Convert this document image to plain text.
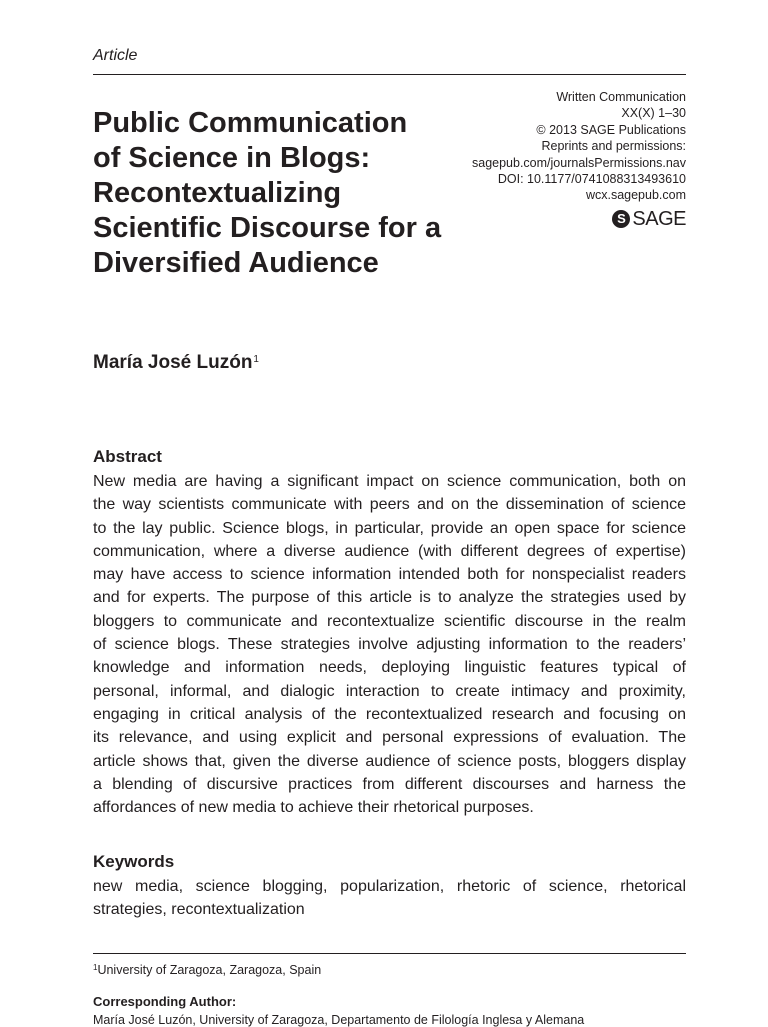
Article
Public Communication
of Science in Blogs:
Recontextualizing
Scientific Discourse for a
Diversified Audience
Written Communication
XX(X) 1–30
© 2013 SAGE Publications
Reprints and permissions:
sagepub.com/journalsPermissions.nav
DOI: 10.1177/0741088313493610
wcx.sagepub.com
S SAGE
María José Luzón$^1$
Abstract
New media are having a significant impact on science communication, both on
the way scientists communicate with peers and on the dissemination of science
to the lay public. Science blogs, in particular, provide an open space for science
communication, where a diverse audience (with different degrees of expertise)
may have access to science information intended both for nonspecialist readers
and for experts. The purpose of this article is to analyze the strategies used by
bloggers to communicate and recontextualize scientific discourse in the realm
of science blogs. These strategies involve adjusting information to the readers’
knowledge and information needs, deploying linguistic features typical of
personal, informal, and dialogic interaction to create intimacy and proximity,
engaging in critical analysis of the recontextualized research and focusing on
its relevance, and using explicit and personal expressions of evaluation. The
article shows that, given the diverse audience of science posts, bloggers display
a blending of discursive practices from different discourses and harness the
affordances of new media to achieve their rhetorical purposes.
Keywords
new media, science blogging, popularization, rhetoric of science, rhetorical
strategies, recontextualization
$^1$University of Zaragoza, Zaragoza, Spain
Corresponding Author:
María José Luzón, University of Zaragoza, Departamento de Filología Inglesa y Alemana
